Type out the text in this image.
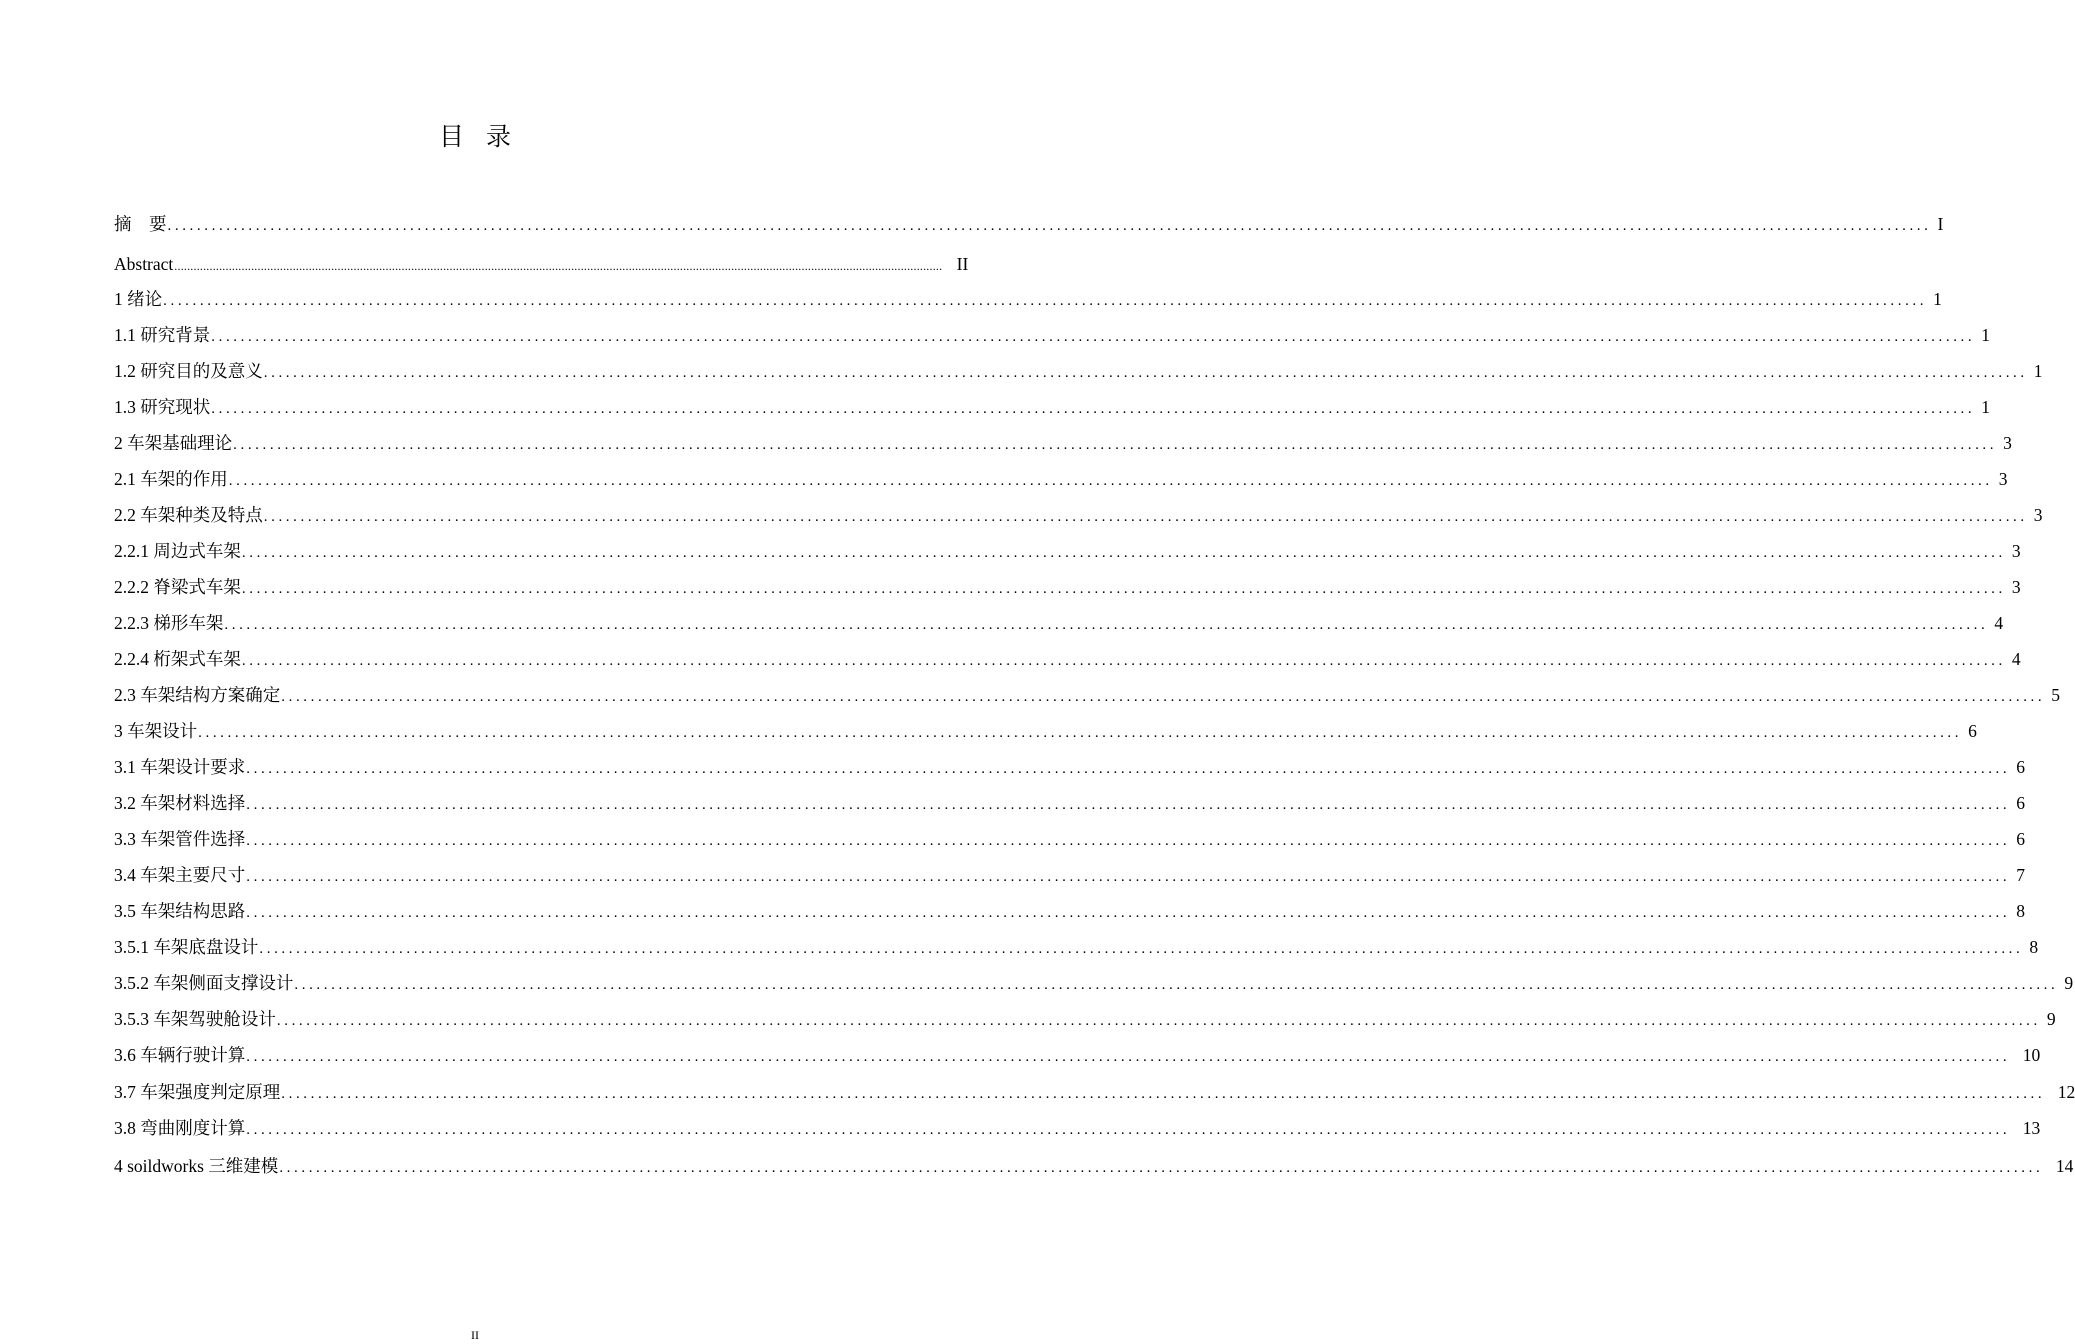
目录
摘　要 ................................................................................................................................................................................................................................................ I
Abstract ................................................................................................................................................................................................................................................ II
1 绪论 ................................................................................................................................................................................................................................................ 1
1.1 研究背景 ................................................................................................................................................................................................................................................ 1
1.2 研究目的及意义 ................................................................................................................................................................................................................................................ 1
1.3 研究现状 ................................................................................................................................................................................................................................................ 1
2 车架基础理论 ................................................................................................................................................................................................................................................ 3
2.1 车架的作用 ................................................................................................................................................................................................................................................ 3
2.2 车架种类及特点 ................................................................................................................................................................................................................................................ 3
2.2.1 周边式车架 ................................................................................................................................................................................................................................................ 3
2.2.2 脊梁式车架 ................................................................................................................................................................................................................................................ 3
2.2.3 梯形车架 ................................................................................................................................................................................................................................................ 4
2.2.4 桁架式车架 ................................................................................................................................................................................................................................................ 4
2.3 车架结构方案确定 ................................................................................................................................................................................................................................................ 5
3 车架设计 ................................................................................................................................................................................................................................................ 6
3.1 车架设计要求 ................................................................................................................................................................................................................................................ 6
3.2 车架材料选择 ................................................................................................................................................................................................................................................ 6
3.3 车架管件选择 ................................................................................................................................................................................................................................................ 6
3.4 车架主要尺寸 ................................................................................................................................................................................................................................................ 7
3.5 车架结构思路 ................................................................................................................................................................................................................................................ 8
3.5.1 车架底盘设计 ................................................................................................................................................................................................................................................ 8
3.5.2 车架侧面支撑设计 ................................................................................................................................................................................................................................................ 9
3.5.3 车架驾驶舱设计 ................................................................................................................................................................................................................................................ 9
3.6 车辆行驶计算 ................................................................................................................................................................................................................................................ 10
3.7 车架强度判定原理 ................................................................................................................................................................................................................................................ 12
3.8 弯曲刚度计算 ................................................................................................................................................................................................................................................ 13
4 soildworks 三维建模 ................................................................................................................................................................................................................................................ 14
II
